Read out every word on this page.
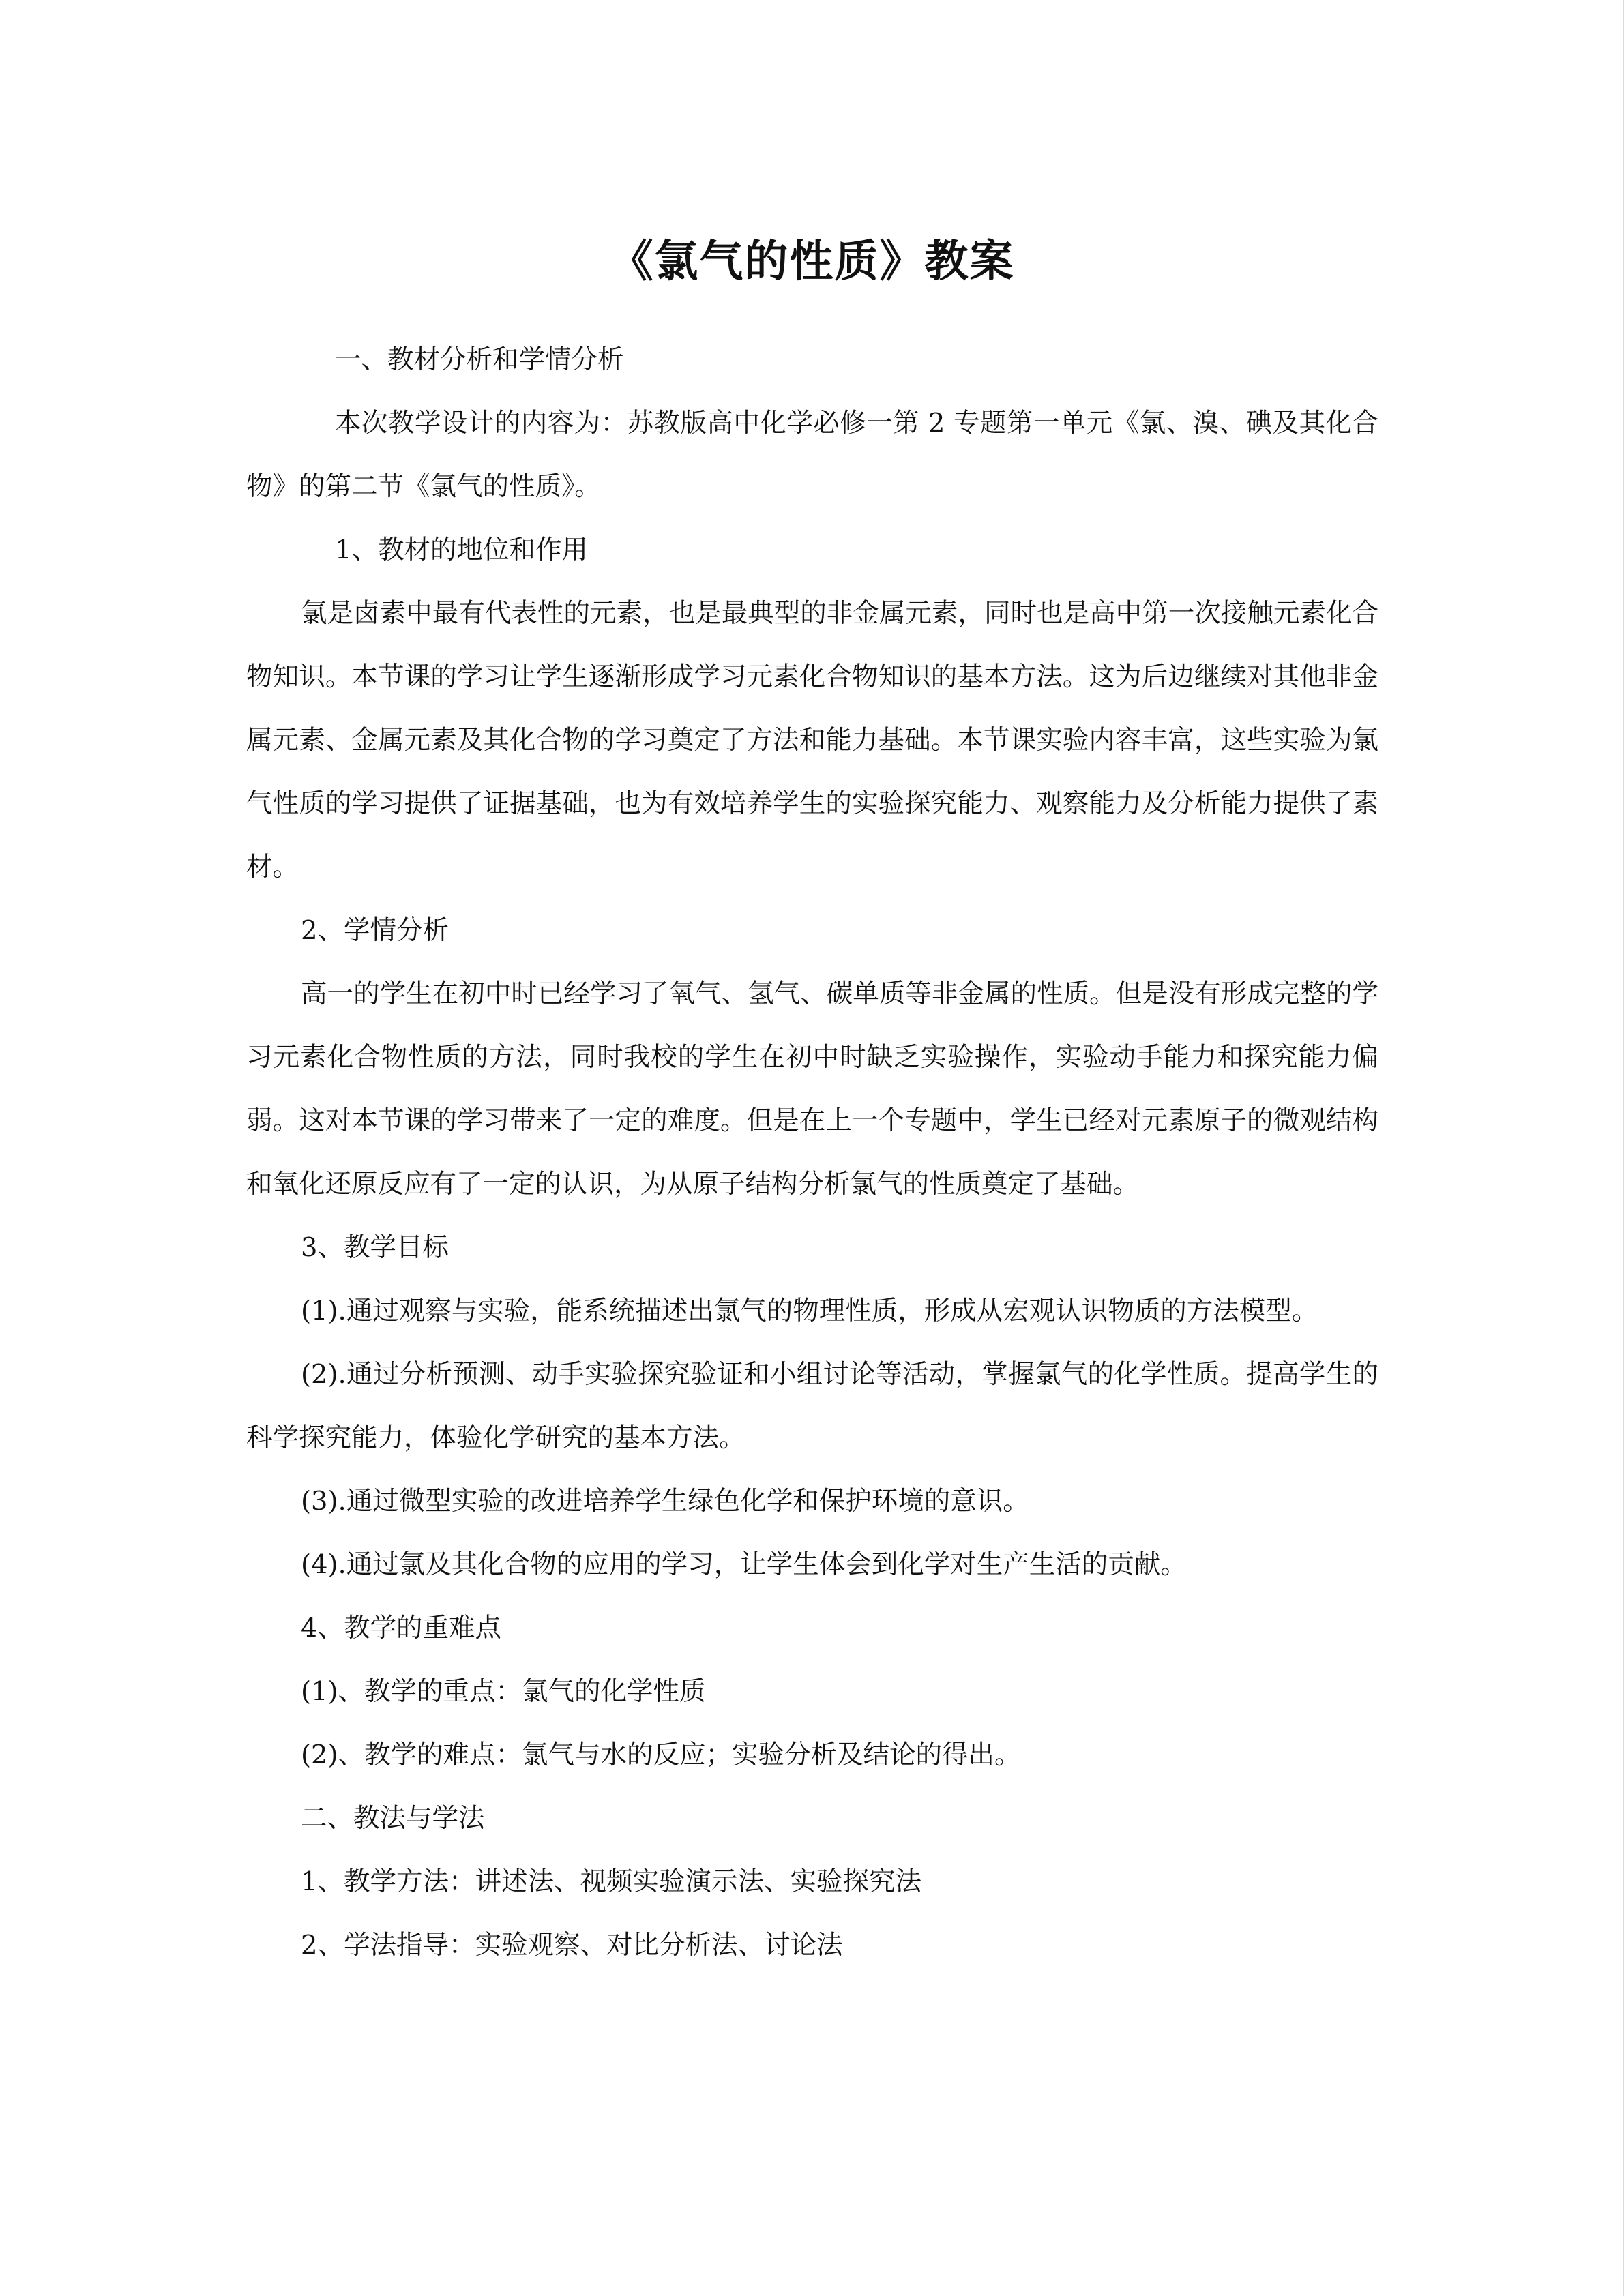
《氯气的性质》教案

一、教材分析和学情分析

本次教学设计的内容为：苏教版高中化学必修一第 2 专题第一单元《氯、溴、碘及其化合物》的第二节《氯气的性质》。

1、教材的地位和作用

氯是卤素中最有代表性的元素，也是最典型的非金属元素，同时也是高中第一次接触元素化合物知识。本节课的学习让学生逐渐形成学习元素化合物知识的基本方法。这为后边继续对其他非金属元素、金属元素及其化合物的学习奠定了方法和能力基础。本节课实验内容丰富，这些实验为氯气性质的学习提供了证据基础，也为有效培养学生的实验探究能力、观察能力及分析能力提供了素材。

2、学情分析

高一的学生在初中时已经学习了氧气、氢气、碳单质等非金属的性质。但是没有形成完整的学习元素化合物性质的方法，同时我校的学生在初中时缺乏实验操作，实验动手能力和探究能力偏弱。这对本节课的学习带来了一定的难度。但是在上一个专题中，学生已经对元素原子的微观结构和氧化还原反应有了一定的认识，为从原子结构分析氯气的性质奠定了基础。

3、教学目标

(1).通过观察与实验，能系统描述出氯气的物理性质，形成从宏观认识物质的方法模型。

(2).通过分析预测、动手实验探究验证和小组讨论等活动，掌握氯气的化学性质。提高学生的科学探究能力，体验化学研究的基本方法。

(3).通过微型实验的改进培养学生绿色化学和保护环境的意识。

(4).通过氯及其化合物的应用的学习，让学生体会到化学对生产生活的贡献。

4、教学的重难点

(1)、教学的重点：氯气的化学性质

(2)、教学的难点：氯气与水的反应；实验分析及结论的得出。

二、教法与学法

1、教学方法：讲述法、视频实验演示法、实验探究法

2、学法指导：实验观察、对比分析法、讨论法
